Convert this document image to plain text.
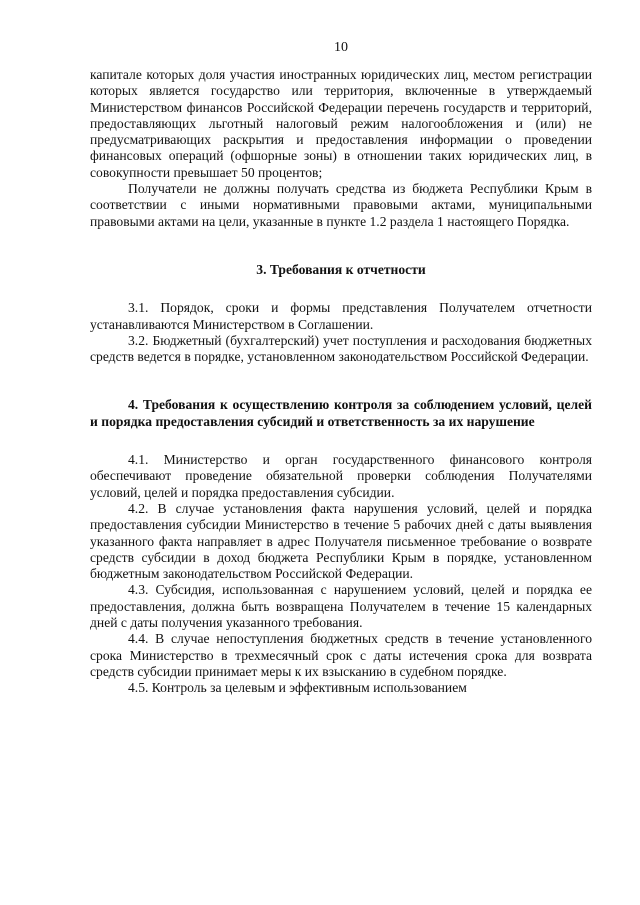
10

капитале которых доля участия иностранных юридических лиц, местом регистрации которых является государство или территория, включенные в утверждаемый Министерством финансов Российской Федерации перечень государств и территорий, предоставляющих льготный налоговый режим налогообложения и (или) не предусматривающих раскрытия и предоставления информации о проведении финансовых операций (офшорные зоны) в отношении таких юридических лиц, в совокупности превышает 50 процентов;

Получатели не должны получать средства из бюджета Республики Крым в соответствии с иными нормативными правовыми актами, муниципальными правовыми актами на цели, указанные в пункте 1.2 раздела 1 настоящего Порядка.

3. Требования к отчетности

3.1. Порядок, сроки и формы представления Получателем отчетности устанавливаются Министерством в Соглашении.

3.2. Бюджетный (бухгалтерский) учет поступления и расходования бюджетных средств ведется в порядке, установленном законодательством Российской Федерации.

4. Требования к осуществлению контроля за соблюдением условий, целей и порядка предоставления субсидий и ответственность за их нарушение

4.1. Министерство и орган государственного финансового контроля обеспечивают проведение обязательной проверки соблюдения Получателями условий, целей и порядка предоставления субсидии.

4.2. В случае установления факта нарушения условий, целей и порядка предоставления субсидии Министерство в течение 5 рабочих дней с даты выявления указанного факта направляет в адрес Получателя письменное требование о возврате средств субсидии в доход бюджета Республики Крым в порядке, установленном бюджетным законодательством Российской Федерации.

4.3. Субсидия, использованная с нарушением условий, целей и порядка ее предоставления, должна быть возвращена Получателем в течение 15 календарных дней с даты получения указанного требования.

4.4. В случае непоступления бюджетных средств в течение установленного срока Министерство в трехмесячный срок с даты истечения срока для возврата средств субсидии принимает меры к их взысканию в судебном порядке.

4.5. Контроль за целевым и эффективным использованием
